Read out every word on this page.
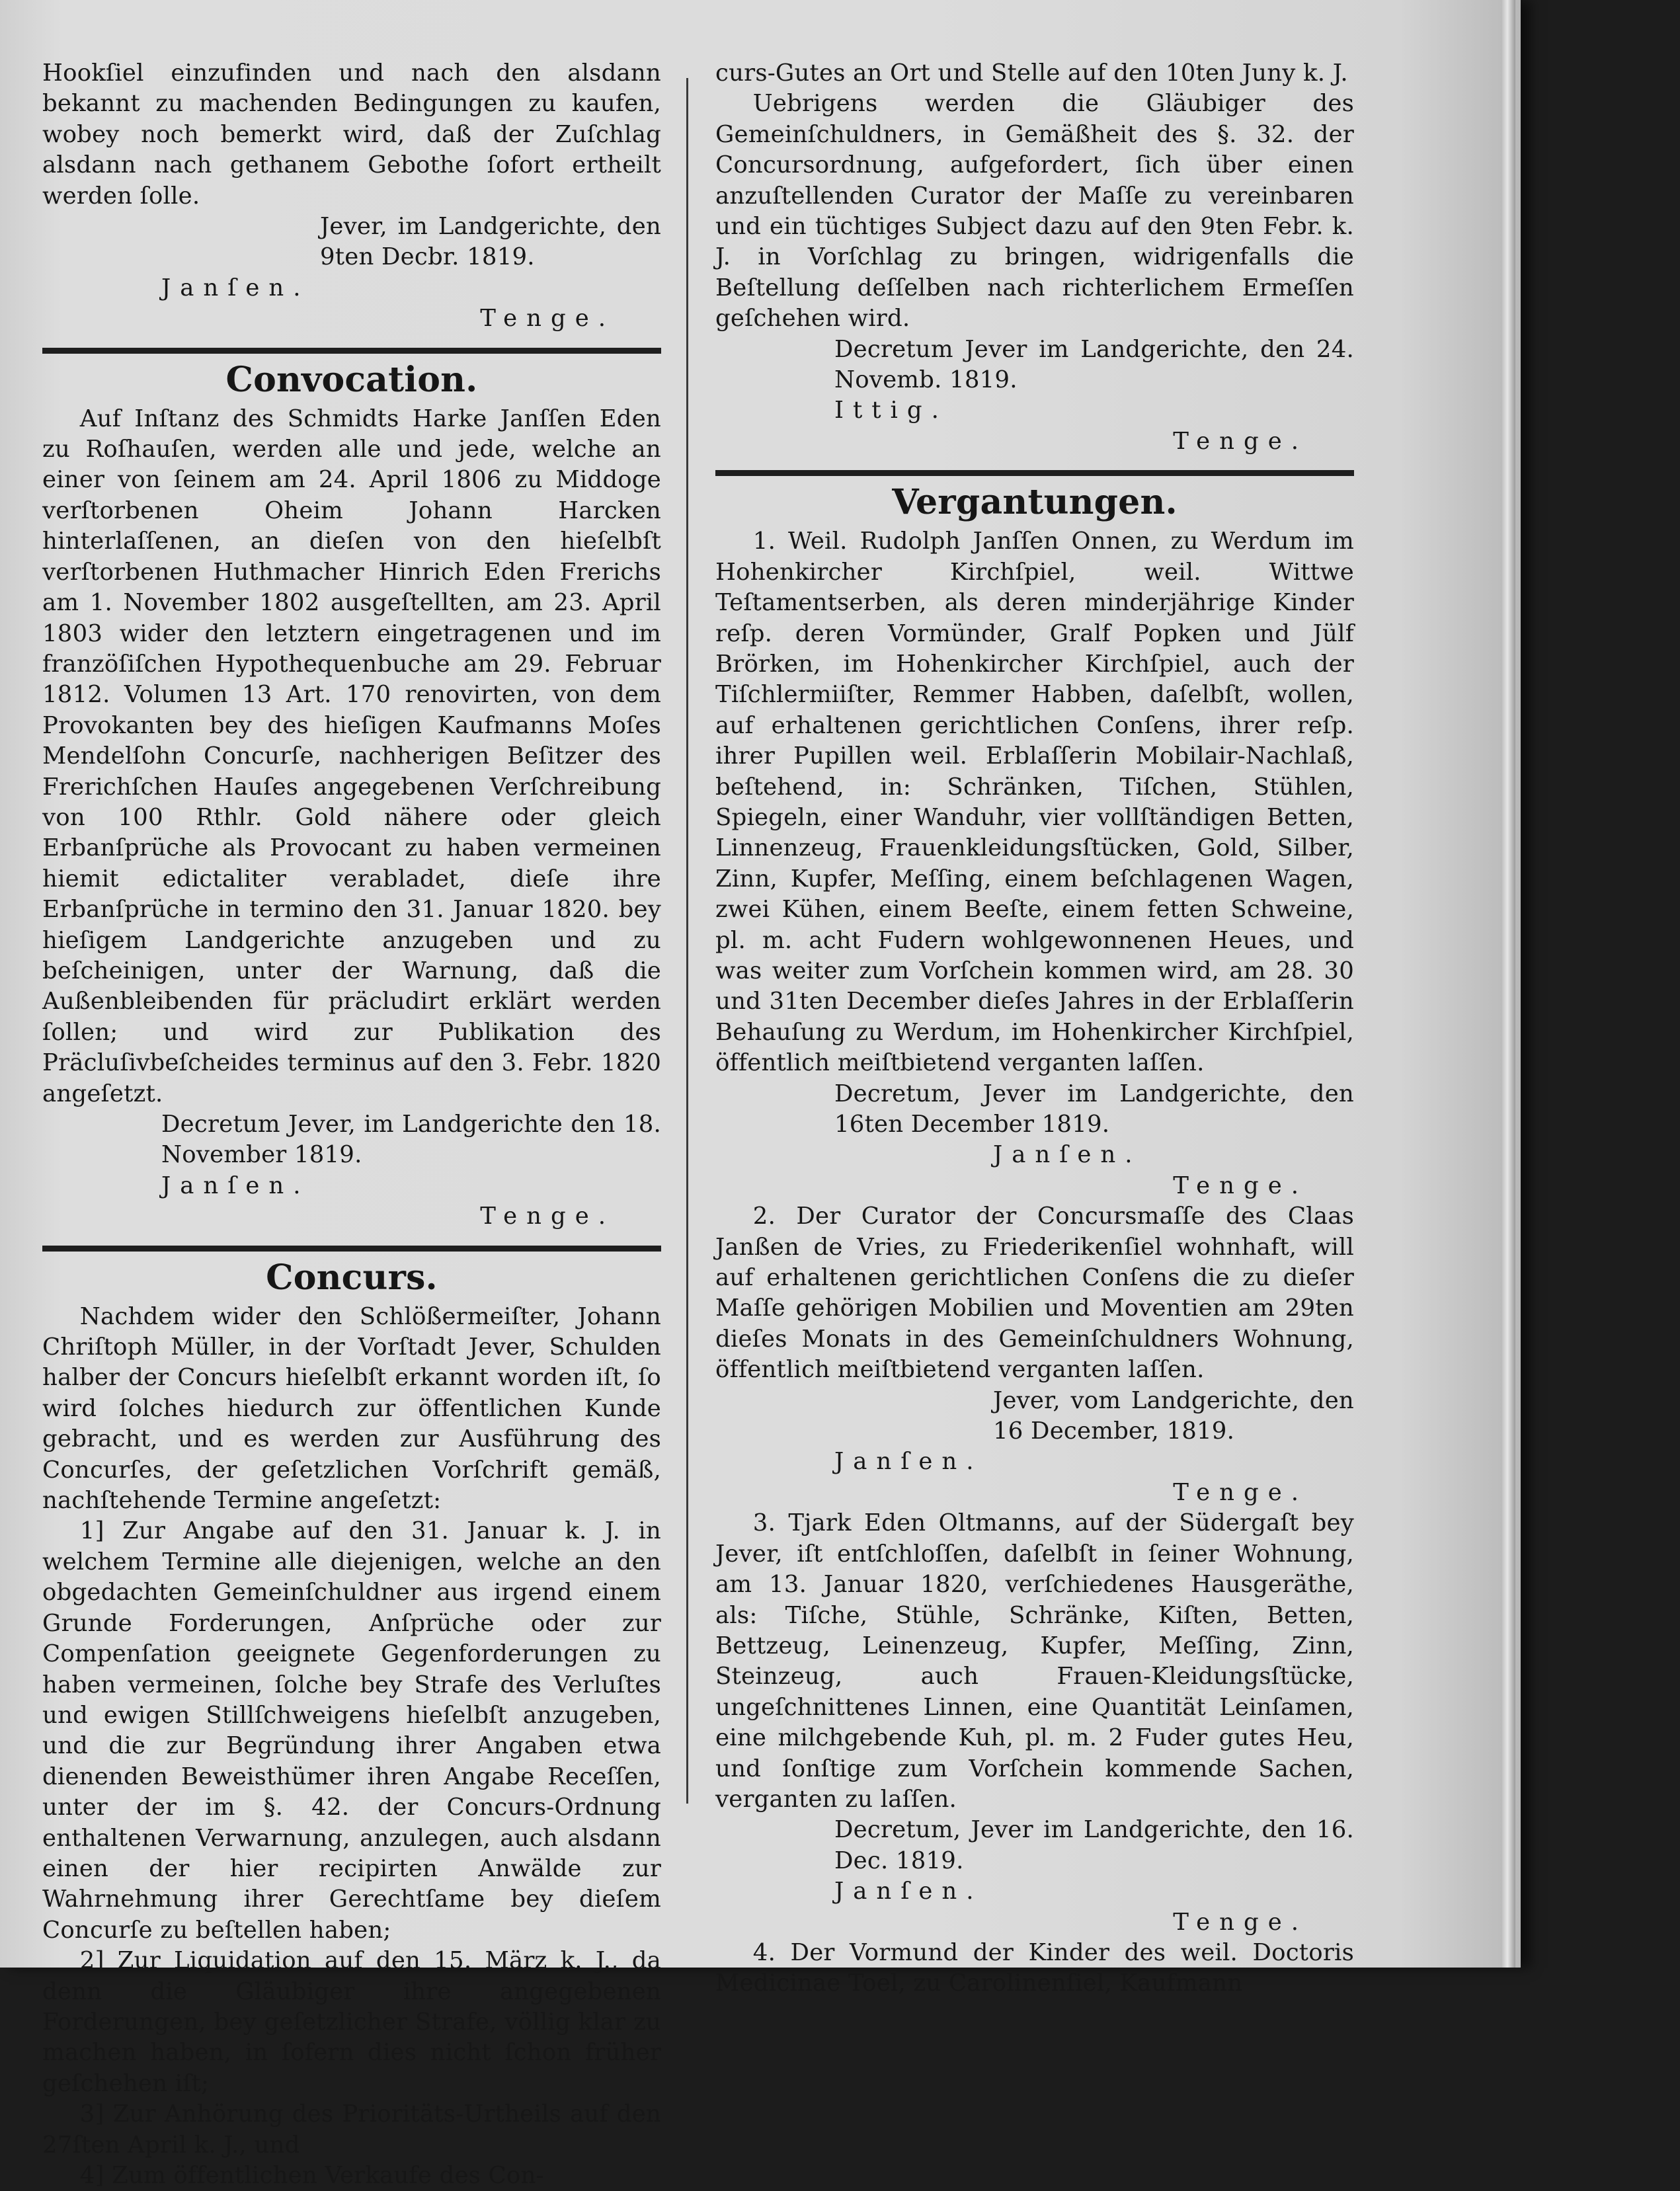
Hookſiel einzufinden und nach den alsdann bekannt zu machenden Bedingungen zu kaufen, wobey noch bemerkt wird, daß der Zuſchlag alsdann nach gethanem Gebothe ſofort ertheilt werden ſolle.

Jever, im Landgerichte, den 9ten Decbr. 1819.

Janſen.

Tenge.

Convocation.

Auf Inſtanz des Schmidts Harke Janſſen Eden zu Roſhauſen, werden alle und jede, welche an einer von ſeinem am 24. April 1806 zu Middoge verſtorbenen Oheim Johann Harcken hinterlaſſenen, an dieſen von den hieſelbſt verſtorbenen Huthmacher Hinrich Eden Frerichs am 1. November 1802 ausgeſtellten, am 23. April 1803 wider den letztern eingetragenen und im franzöſiſchen Hypothequenbuche am 29. Februar 1812. Volumen 13 Art. 170 renovirten, von dem Provokanten bey des hieſigen Kaufmanns Moſes Mendelſohn Concurſe, nachherigen Beſitzer des Frerichſchen Hauſes angegebenen Verſchreibung von 100 Rthlr. Gold nähere oder gleich Erbanſprüche als Provocant zu haben vermeinen hiemit edictaliter verabladet, dieſe ihre Erbanſprüche in termino den 31. Januar 1820. bey hieſigem Landgerichte anzugeben und zu beſcheinigen, unter der Warnung, daß die Außenbleibenden für präcludirt erklärt werden ſollen; und wird zur Publikation des Präcluſivbeſcheides terminus auf den 3. Febr. 1820 angeſetzt.

Decretum Jever, im Landgerichte den 18. November 1819.

Janſen.

Tenge.

Concurs.

Nachdem wider den Schlößermeiſter, Johann Chriſtoph Müller, in der Vorſtadt Jever, Schulden halber der Concurs hieſelbſt erkannt worden iſt, ſo wird ſolches hiedurch zur öffentlichen Kunde gebracht, und es werden zur Ausführung des Concurſes, der geſetzlichen Vorſchrift gemäß, nachſtehende Termine angeſetzt:

1] Zur Angabe auf den 31. Januar k. J. in welchem Termine alle diejenigen, welche an den obgedachten Gemeinſchuldner aus irgend einem Grunde Forderungen, Anſprüche oder zur Compenſation geeignete Gegenforderungen zu haben vermeinen, ſolche bey Strafe des Verluſtes und ewigen Stillſchweigens hieſelbſt anzugeben, und die zur Begründung ihrer Angaben etwa dienenden Beweisthümer ihren Angabe Receſſen, unter der im §. 42. der Concurs-Ordnung enthaltenen Verwarnung, anzulegen, auch alsdann einen der hier recipirten Anwälde zur Wahrnehmung ihrer Gerechtſame bey dieſem Concurſe zu beſtellen haben;

2] Zur Liquidation auf den 15. März k. J., da denn die Gläubiger ihre angegebenen Forderungen, bey geſetzlicher Strafe, völlig klar zu machen haben, in ſofern dies nicht ſchon früher geſchehen iſt;

3] Zur Anhörung des Prioritäts-Urtheils auf den 27ſten April k. J., und

4] Zum öffentlichen Verkaufe des Con-

curs-Gutes an Ort und Stelle auf den 10ten Juny k. J.

Uebrigens werden die Gläubiger des Gemeinſchuldners, in Gemäßheit des §. 32. der Concursordnung, aufgefordert, ſich über einen anzuſtellenden Curator der Maſſe zu vereinbaren und ein tüchtiges Subject dazu auf den 9ten Febr. k. J. in Vorſchlag zu bringen, widrigenfalls die Beſtellung deſſelben nach richterlichem Ermeſſen geſchehen wird.

Decretum Jever im Landgerichte, den 24. Novemb. 1819.

Ittig.

Tenge.

Vergantungen.

1. Weil. Rudolph Janſſen Onnen, zu Werdum im Hohenkircher Kirchſpiel, weil. Wittwe Teſtamentserben, als deren minderjährige Kinder reſp. deren Vormünder, Gralf Popken und Jülf Brörken, im Hohenkircher Kirchſpiel, auch der Tiſchlermiiſter, Remmer Habben, daſelbſt, wollen, auf erhaltenen gerichtlichen Conſens, ihrer reſp. ihrer Pupillen weil. Erblaſſerin Mobilair-Nachlaß, beſtehend, in: Schränken, Tiſchen, Stühlen, Spiegeln, einer Wanduhr, vier vollſtändigen Betten, Linnenzeug, Frauenkleidungsſtücken, Gold, Silber, Zinn, Kupfer, Meſſing, einem beſchlagenen Wagen, zwei Kühen, einem Beeſte, einem fetten Schweine, pl. m. acht Fudern wohlgewonnenen Heues, und was weiter zum Vorſchein kommen wird, am 28. 30 und 31ten December dieſes Jahres in der Erblaſſerin Behauſung zu Werdum, im Hohenkircher Kirchſpiel, öffentlich meiſtbietend verganten laſſen.

Decretum, Jever im Landgerichte, den 16ten December 1819.

Janſen.

Tenge.

2. Der Curator der Concursmaſſe des Claas Janßen de Vries, zu Friederikenſiel wohnhaft, will auf erhaltenen gerichtlichen Conſens die zu dieſer Maſſe gehörigen Mobilien und Moventien am 29ten dieſes Monats in des Gemeinſchuldners Wohnung, öffentlich meiſtbietend verganten laſſen.

Jever, vom Landgerichte, den 16 December, 1819.

Janſen.

Tenge.

3. Tjark Eden Oltmanns, auf der Südergaſt bey Jever, iſt entſchloſſen, daſelbſt in ſeiner Wohnung, am 13. Januar 1820, verſchiedenes Hausgeräthe, als: Tiſche, Stühle, Schränke, Kiſten, Betten, Bettzeug, Leinenzeug, Kupfer, Meſſing, Zinn, Steinzeug, auch Frauen-Kleidungsſtücke, ungeſchnittenes Linnen, eine Quantität Leinſamen, eine milchgebende Kuh, pl. m. 2 Fuder gutes Heu, und ſonſtige zum Vorſchein kommende Sachen, verganten zu laſſen.

Decretum, Jever im Landgerichte, den 16. Dec. 1819.

Janſen.

Tenge.

4. Der Vormund der Kinder des weil. Doctoris Medicinae Toel, zu Carolinenſiel, Kaufmann
